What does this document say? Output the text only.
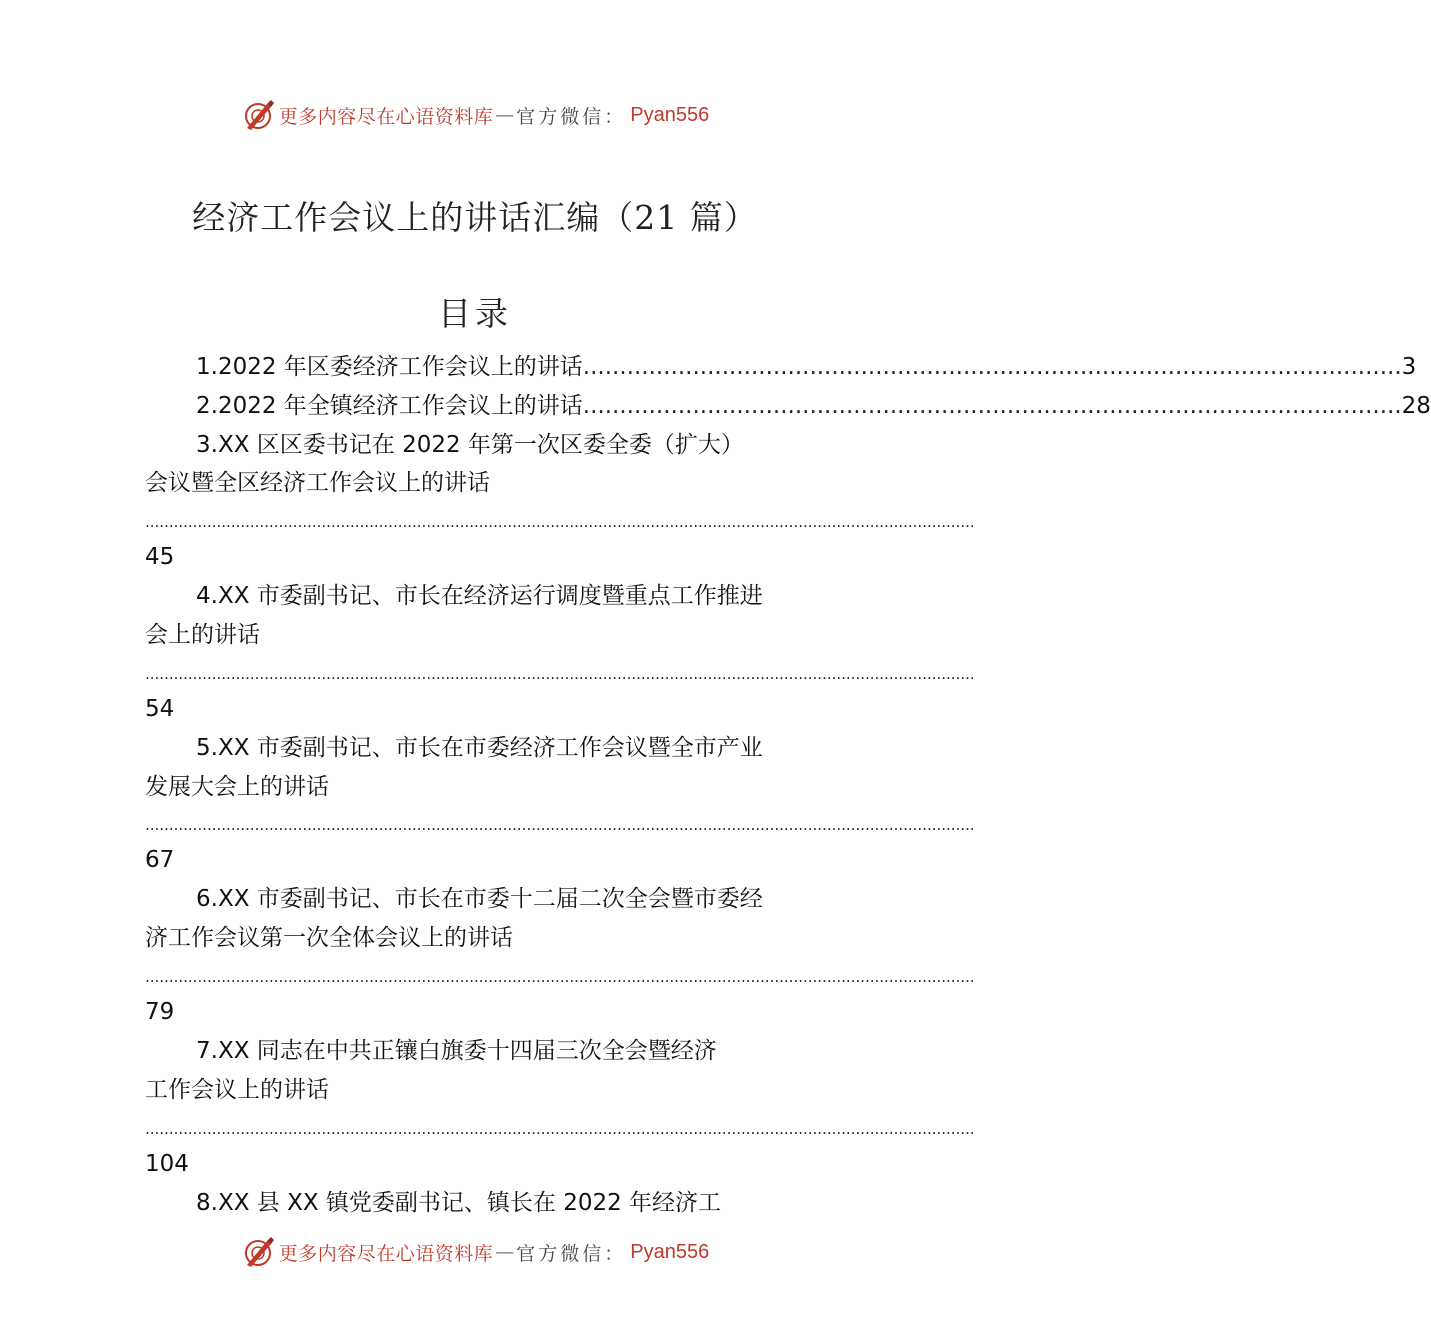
更多内容尽在心语资料库 — 官方微信： Pyan556
经济工作会议上的讲话汇编（21 篇）
目录
1.2022 年区委经济工作会议上的讲话 ................................................................................................................ 3
2.2022 年全镇经济工作会议上的讲话 ................................................................................................................ 28
3.XX 区区委书记在 2022 年第一次区委全委（扩大）
会议暨全区经济工作会议上的讲话
..............................................................................................................................................................................
45
4.XX 市委副书记、市长在经济运行调度暨重点工作推进
会上的讲话
..............................................................................................................................................................................
54
5.XX 市委副书记、市长在市委经济工作会议暨全市产业
发展大会上的讲话
..............................................................................................................................................................................
67
6.XX 市委副书记、市长在市委十二届二次全会暨市委经
济工作会议第一次全体会议上的讲话
..............................................................................................................................................................................
79
7.XX 同志在中共正镶白旗委十四届三次全会暨经济
工作会议上的讲话
..............................................................................................................................................................................
104
8.XX 县 XX 镇党委副书记、镇长在 2022 年经济工
更多内容尽在心语资料库 — 官方微信： Pyan556
